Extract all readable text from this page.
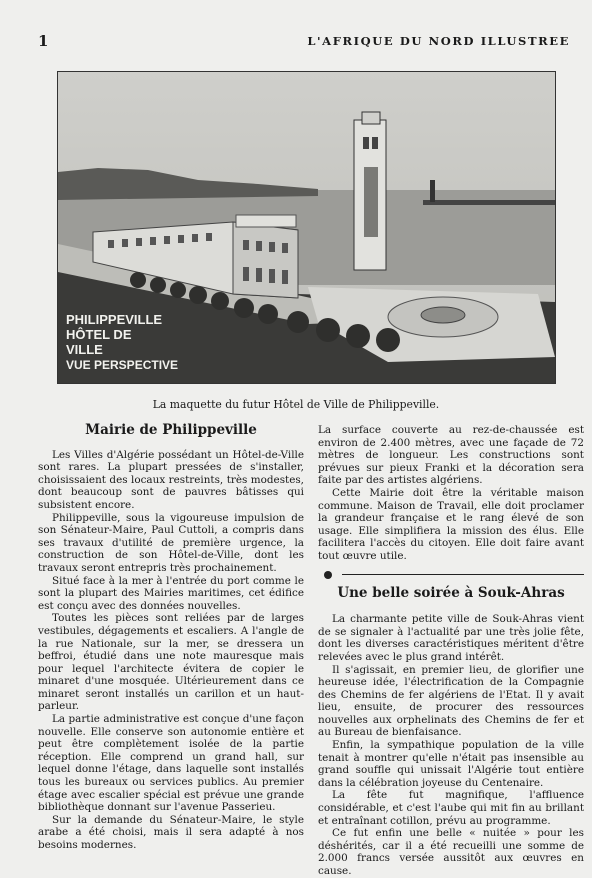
1	L'AFRIQUE DU NORD ILLUSTREE
PHILIPPEVILLE
HÔTEL DE
VILLE
VUE PERSPECTIVE
La maquette du futur Hôtel de Ville de Philippeville.
Mairie de Philippeville

Les Villes d'Algérie possédant un Hôtel-de-Ville sont rares. La plupart pressées de s'installer, choisissaient des locaux restreints, très modestes, dont beaucoup sont de pauvres bâtisses qui subsistent encore.

Philippeville, sous la vigoureuse impulsion de son Sénateur-Maire, Paul Cuttoli, a compris dans ses travaux d'utilité de première urgence, la construction de son Hôtel-de-Ville, dont les travaux seront entrepris très prochainement.

Situé face à la mer à l'entrée du port comme le sont la plupart des Mairies maritimes, cet édifice est conçu avec des données nouvelles.

Toutes les pièces sont reliées par de larges vestibules, dégagements et escaliers. A l'angle de la rue Nationale, sur la mer, se dressera un beffroi, étudié dans une note mauresque mais pour lequel l'architecte évitera de copier le minaret d'une mosquée. Ultérieurement dans ce minaret seront installés un carillon et un haut-parleur.

La partie administrative est conçue d'une façon nouvelle. Elle conserve son autonomie entière et peut être complètement isolée de la partie réception. Elle comprend un grand hall, sur lequel donne l'étage, dans laquelle sont installés tous les bureaux ou services publics. Au premier étage avec escalier spécial est prévue une grande bibliothèque donnant sur l'avenue Passerieu.

Sur la demande du Sénateur-Maire, le style arabe a été choisi, mais il sera adapté à nos besoins modernes.

La surface couverte au rez-de-chaussée est environ de 2.400 mètres, avec une façade de 72 mètres de longueur. Les constructions sont prévues sur pieux Franki et la décoration sera faite par des artistes algériens.

Cette Mairie doit être la véritable maison commune. Maison de Travail, elle doit proclamer la grandeur française et le rang élevé de son usage. Elle simplifiera la mission des élus. Elle facilitera l'accès du citoyen. Elle doit faire avant tout œuvre utile.

Une belle soirée à Souk-Ahras

La charmante petite ville de Souk-Ahras vient de se signaler à l'actualité par une très jolie fête, dont les diverses caractéristiques méritent d'être relevées avec le plus grand intérêt.

Il s'agissait, en premier lieu, de glorifier une heureuse idée, l'électrification de la Compagnie des Chemins de fer algériens de l'Etat. Il y avait lieu, ensuite, de procurer des ressources nouvelles aux orphelinats des Chemins de fer et au Bureau de bienfaisance.

Enfin, la sympathique population de la ville tenait à montrer qu'elle n'était pas insensible au grand souffle qui unissait l'Algérie tout entière dans la célébration joyeuse du Centenaire.

La fête fut magnifique, l'affluence considérable, et c'est l'aube qui mit fin au brillant et entraînant cotillon, prévu au programme.

Ce fut enfin une belle « nuitée » pour les déshérités, car il a été recueilli une somme de 2.000 francs versée aussitôt aux œuvres en cause.
